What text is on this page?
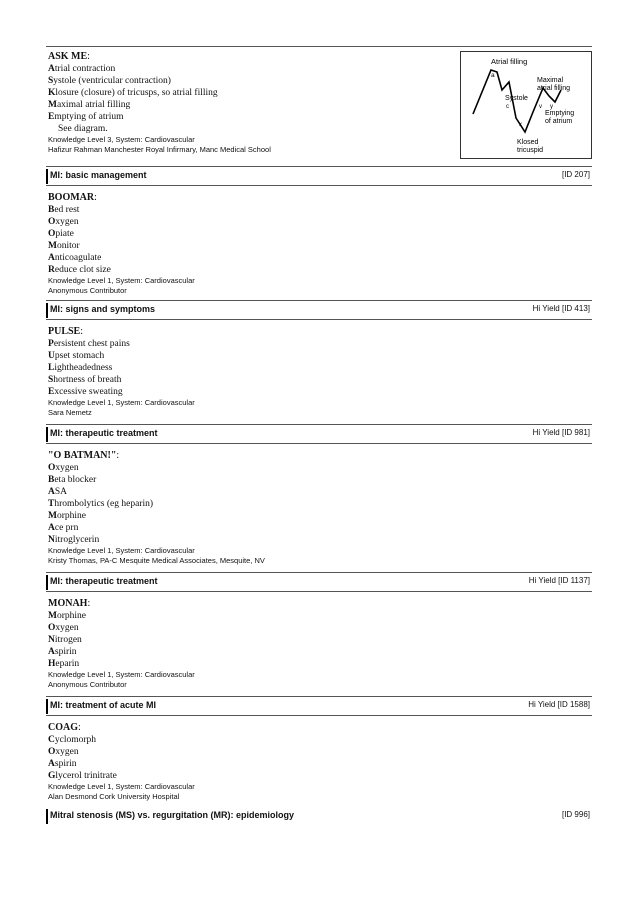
ASK ME:
Atrial contraction
Systole (ventricular contraction)
Klosure (closure) of tricusps, so atrial filling
Maximal atrial filling
Emptying of atrium
See diagram.
Knowledge Level 3, System: Cardiovascular
Hafizur Rahman Manchester Royal Infirmary, Manc Medical School
Atrial filling
a
Maximal
atrial filling
Systole
c	v y
x
Emptying
of atrium
Klosed
tricuspid
MI: basic management	[ID 207]
BOOMAR:
Bed rest
Oxygen
Opiate
Monitor
Anticoagulate
Reduce clot size
Knowledge Level 1, System: Cardiovascular
Anonymous Contributor
MI: signs and symptoms	Hi Yield [ID 413]
PULSE:
Persistent chest pains
Upset stomach
Lightheadedness
Shortness of breath
Excessive sweating
Knowledge Level 1, System: Cardiovascular
Sara Nemetz
MI: therapeutic treatment	Hi Yield [ID 981]
"O BATMAN!":
Oxygen
Beta blocker
ASA
Thrombolytics (eg heparin)
Morphine
Ace prn
Nitroglycerin
Knowledge Level 1, System: Cardiovascular
Kristy Thomas, PA-C Mesquite Medical Associates, Mesquite, NV
MI: therapeutic treatment	Hi Yield [ID 1137]
MONAH:
Morphine
Oxygen
Nitrogen
Aspirin
Heparin
Knowledge Level 1, System: Cardiovascular
Anonymous Contributor
MI: treatment of acute MI	Hi Yield [ID 1588]
COAG:
Cyclomorph
Oxygen
Aspirin
Glycerol trinitrate
Knowledge Level 1, System: Cardiovascular
Alan Desmond Cork University Hospital
Mitral stenosis (MS) vs. regurgitation (MR): epidemiology	[ID 996]
